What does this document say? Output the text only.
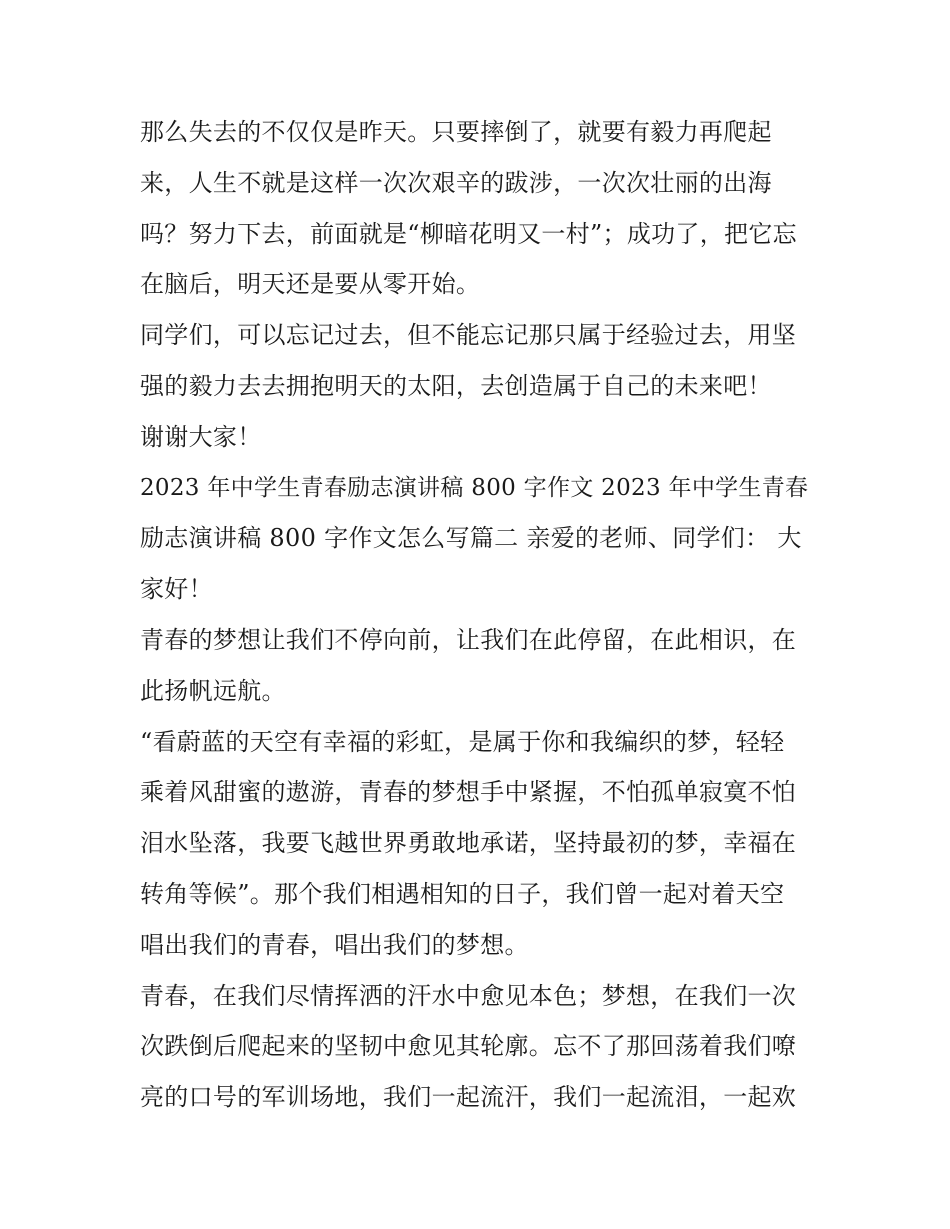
那么失去的不仅仅是昨天。只要摔倒了，就要有毅力再爬起
来，人生不就是这样一次次艰辛的跋涉，一次次壮丽的出海
吗？努力下去，前面就是“柳暗花明又一村”；成功了，把它忘
在脑后，明天还是要从零开始。
同学们，可以忘记过去，但不能忘记那只属于经验过去，用坚
强的毅力去去拥抱明天的太阳，去创造属于自己的未来吧！
谢谢大家！
2023 年中学生青春励志演讲稿 800 字作文 2023 年中学生青春
励志演讲稿 800 字作文怎么写篇二 亲爱的老师、同学们： 大
家好！
青春的梦想让我们不停向前，让我们在此停留，在此相识，在
此扬帆远航。
“看蔚蓝的天空有幸福的彩虹，是属于你和我编织的梦，轻轻
乘着风甜蜜的遨游，青春的梦想手中紧握，不怕孤单寂寞不怕
泪水坠落，我要飞越世界勇敢地承诺，坚持最初的梦，幸福在
转角等候”。那个我们相遇相知的日子，我们曾一起对着天空
唱出我们的青春，唱出我们的梦想。
青春，在我们尽情挥洒的汗水中愈见本色；梦想，在我们一次
次跌倒后爬起来的坚韧中愈见其轮廓。忘不了那回荡着我们嘹
亮的口号的军训场地，我们一起流汗，我们一起流泪，一起欢
